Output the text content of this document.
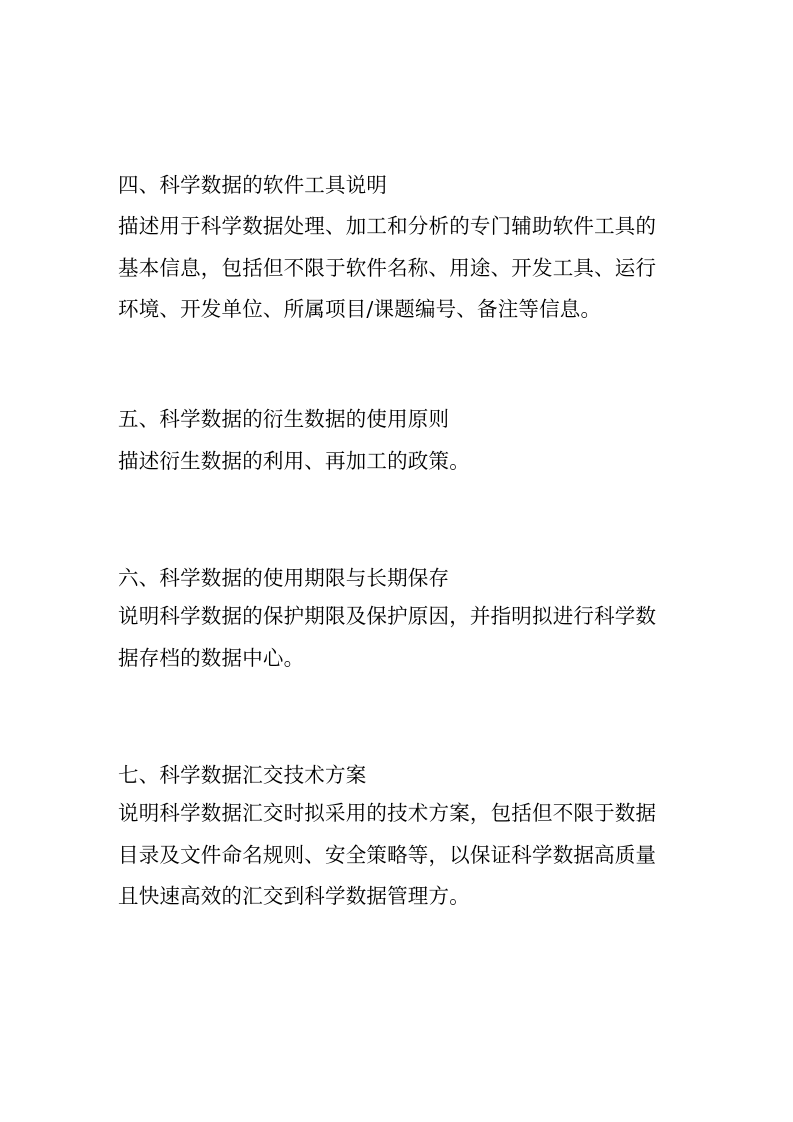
四、科学数据的软件工具说明
描述用于科学数据处理、加工和分析的专门辅助软件工具的
基本信息，包括但不限于软件名称、用途、开发工具、运行
环境、开发单位、所属项目/课题编号、备注等信息。
五、科学数据的衍生数据的使用原则
描述衍生数据的利用、再加工的政策。
六、科学数据的使用期限与长期保存
说明科学数据的保护期限及保护原因，并指明拟进行科学数
据存档的数据中心。
七、科学数据汇交技术方案
说明科学数据汇交时拟采用的技术方案，包括但不限于数据
目录及文件命名规则、安全策略等，以保证科学数据高质量
且快速高效的汇交到科学数据管理方。
